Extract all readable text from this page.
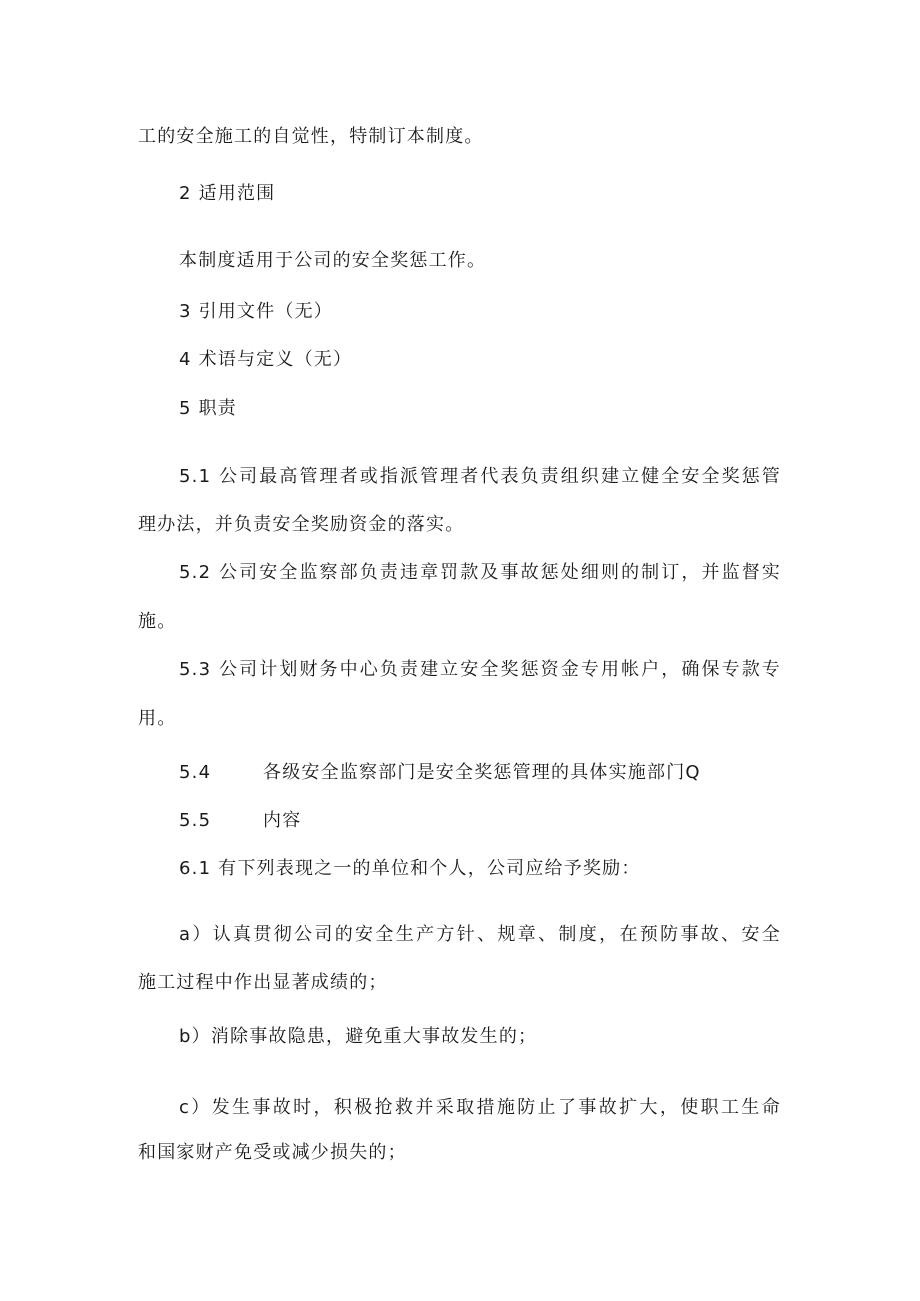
工的安全施工的自觉性，特制订本制度。
2 适用范围
本制度适用于公司的安全奖惩工作。
3 引用文件（无）
4 术语与定义（无）
5 职责
5.1 公司最高管理者或指派管理者代表负责组织建立健全安全奖惩管
理办法，并负责安全奖励资金的落实。
5.2 公司安全监察部负责违章罚款及事故惩处细则的制订，并监督实
施。
5.3 公司计划财务中心负责建立安全奖惩资金专用帐户，确保专款专
用。
5.4	各级安全监察部门是安全奖惩管理的具体实施部门Q
5.5	内容
6.1 有下列表现之一的单位和个人，公司应给予奖励：
a）认真贯彻公司的安全生产方针、规章、制度，在预防事故、安全
施工过程中作出显著成绩的；
b）消除事故隐患，避免重大事故发生的；
c）发生事故时，积极抢救并采取措施防止了事故扩大，使职工生命
和国家财产免受或减少损失的；
